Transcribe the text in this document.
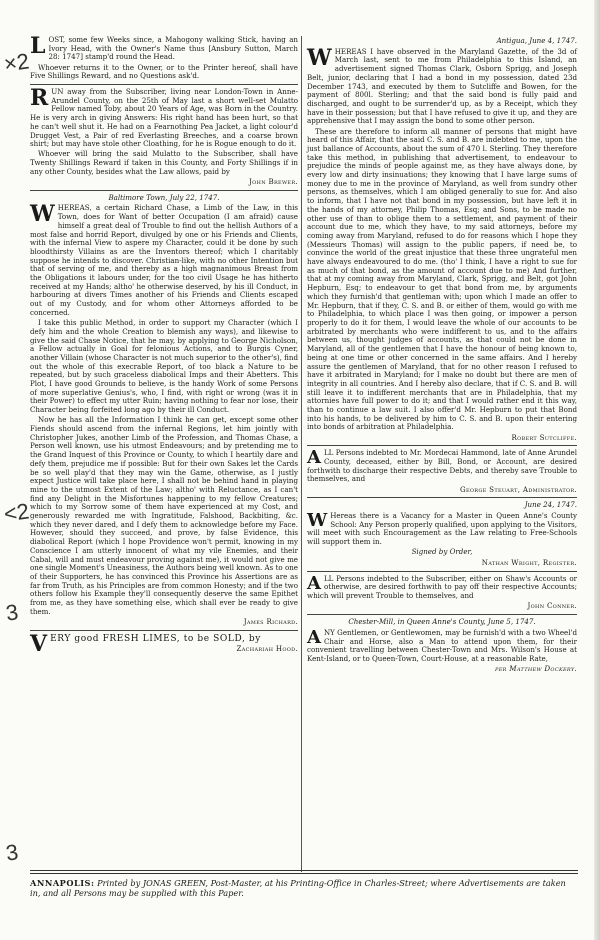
×2
<2
3
3
L OST, some few Weeks since, a Mahogony walking Stick, having an Ivory Head, with the Owner's Name thus [Ansbury Sutton, March 28: 1747] stamp'd round the Head.

Whoever returns it to the Owner, or to the Printer hereof, shall have Five Shillings Reward, and no Questions ask'd.

R UN away from the Subscriber, living near London-Town in Anne-Arundel County, on the 25th of May last a short well-set Mulatto Fellow named Toby, about 20 Years of Age, was Born in the Country. He is very arch in giving Answers: His right hand has been hurt, so that he can't well shut it. He had on a Fearnothing Pea Jacket, a light colour'd Drugget Vest, a Pair of red Everlasting Breeches, and a coarse brown shirt; but may have stole other Cloathing, for he is Rogue enough to do it.

Whoever will bring the said Mulatto to the Subscriber, shall have Twenty Shillings Reward if taken in this County, and Forty Shillings if in any other County, besides what the Law allows, paid by

John Brewer.
Baltimore Town, July 22, 1747.
W HEREAS, a certain Richard Chase, a Limb of the Law, in this Town, does for Want of better Occupation (I am afraid) cause himself a great deal of Trouble to find out the hellish Authors of a most false and horrid Report, divulged by one or his Friends and Clients, with the infernal View to aspere my Character, could it be done by such bloodthirsty Villains as are the Inventors thereof; which I charitably suppose he intends to discover. Christian-like, with no other Intention but that of serving of me, and thereby as a high magnanimous Breast from the Obligations it labours under, for the too civil Usage he has hitherto received at my Hands; altho' he otherwise deserved, by his ill Conduct, in harbouring at divers Times another of his Friends and Clients escaped out of my Custody, and for whom other Attorneys afforded to be concerned.

I take this public Method, in order to support my Character (which I defy him and the whole Creation to blemish any ways), and likewise to give the said Chase Notice, that he may, by applying to George Nicholson, a Fellow actually in Goal for felonious Actions, and to Burgis Cyner, another Villain (whose Character is not much superior to the other's), find out the whole of this execrable Report, of too black a Nature to be repeated, but by such graceless diabolical Imps and their Abetters. This Plot, I have good Grounds to believe, is the handy Work of some Persons of more superlative Genius's, who, I find, with right or wrong (was it in their Power) to effect my utter Ruin; having nothing to fear nor lose, their Character being forfeited long ago by their ill Conduct.

Now he has all the Information I think he can get, except some other Fiends should ascend from the infernal Regions, let him jointly with Christopher Jukes, another Limb of the Profession, and Thomas Chase, a Person well known, use his utmost Endeavours; and by pretending me to the Grand Inquest of this Province or County, to which I heartily dare and defy them, prejudice me if possible: But for their own Sakes let the Cards be so well play'd that they may win the Game, otherwise, as I justly expect Justice will take place here, I shall not be behind hand in playing mine to the utmost Extent of the Law; altho' with Reluctance, as I can't find any Delight in the Misfortunes happening to my fellow Creatures; which to my Sorrow some of them have experienced at my Cost, and generously rewarded me with Ingratitude, Falshood, Backbiting, &c. which they never dared, and I defy them to acknowledge before my Face. However, should they succeed, and prove, by false Evidence, this diabolical Report (which I hope Providence won't permit, knowing in my Conscience I am utterly innocent of what my vile Enemies, and their Cabal, will and must endeavour proving against me), it would not give me one single Moment's Uneasiness, the Authors being well known. As to one of their Supporters, he has convinced this Province his Assertions are as far from Truth, as his Principles are from common Honesty; and if the two others follow his Example they'll consequently deserve the same Epithet from me, as they have something else, which shall ever be ready to give them.

James Richard.
V ERY good FRESH LIMES, to be SOLD, by

Zachariah Hood.
Antigua, June 4, 1747.
W HEREAS I have observed in the Maryland Gazette, of the 3d of March last, sent to me from Philadelphia to this Island, an advertisement signed Thomas Clark, Osborn Sprigg, and Joseph Belt, junior, declaring that I had a bond in my possession, dated 23d December 1743, and executed by them to Sutcliffe and Bowen, for the payment of 800l. Sterling; and that the said bond is fully paid and discharged, and ought to be surrender'd up, as by a Receipt, which they have in their possession; but that I have refused to give it up, and they are apprehensive that I may assign the bond to some other person.

These are therefore to inform all manner of persons that might have heard of this Affair, that the said C. S. and B. are indebted to me, upon the just ballance of Accounts, about the sum of 470 l. Sterling. They therefore take this method, in publishing that advertisement, to endeavour to prejudice the minds of people against me, as they have always done, by every low and dirty insinuations; they knowing that I have large sums of money due to me in the province of Maryland, as well from sundry other persons, as themselves, which I am obliged generally to sue for. And also to inform, that I have not that bond in my possession, but have left it in the hands of my attorney, Philip Thomas, Esq; and Sons, to be made no other use of than to oblige them to a settlement, and payment of their account due to me, which they have, to my said attorneys, before my coming away from Maryland, refused to do for reasons which I hope they (Messieurs Thomas) will assign to the public papers, if need be, to convince the world of the great injustice that these three ungrateful men have always endeavoured to do me. (tho' I think, I have a right to sue for as much of that bond, as the amount of account due to me) And further, that at my coming away from Maryland, Clark, Sprigg, and Belt, got John Hepburn, Esq; to endeavour to get that bond from me, by arguments which they furnish'd that gentleman with; upon which I made an offer to Mr. Hepburn, that if they, C. S. and B. or either of them, would go with me to Philadelphia, to which place I was then going, or impower a person properly to do it for them, I would leave the whole of our accounts to be arbitrated by merchants who were indifferent to us, and to the affairs between us, thought judges of accounts, as that could not be done in Maryland, all of the gentlemen that I have the honour of being known to, being at one time or other concerned in the same affairs. And I hereby assure the gentlemen of Maryland, that for no other reason I refused to have it arbitrated in Maryland; for I make no doubt but there are men of integrity in all countries. And I hereby also declare, that if C. S. and B. will still leave it to indifferent merchants that are in Philadelphia, that my attornies have full power to do it; and that I would rather end it this way, than to continue a law suit. I also offer'd Mr. Hepburn to put that Bond into his hands, to be delivered by him to C. S. and B. upon their entering into bonds of arbitration at Philadelphia.

Robert Sutcliffe.
A LL Persons indebted to Mr. Mordecai Hammond, late of Anne Arundel County, deceased, either by Bill, Bond, or Account, are desired forthwith to discharge their respective Debts, and thereby save Trouble to themselves, and

George Steuart, Administrator.
June 24, 1747.
W Hereas there is a Vacancy for a Master in Queen Anne's County School: Any Person properly qualified, upon applying to the Visitors, will meet with such Encouragement as the Law relating to Free-Schools will support them in.

Signed by Order,
Nathan Wright, Register.
A LL Persons indebted to the Subscriber, either on Shaw's Accounts or otherwise, are desired forthwith to pay off their respective Accounts; which will prevent Trouble to themselves, and

John Conner.
Chester-Mill, in Queen Anne's County, June 5, 1747.
A NY Gentlemen, or Gentlewomen, may be furnish'd with a two Wheel'd Chair and Horse, also a Man to attend upon them, for their convenient travelling between Chester-Town and Mrs. Wilson's House at Kent-Island, or to Queen-Town, Court-House, at a reasonable Rate,

per Matthew Dockery.
ANNAPOLIS: Printed by JONAS GREEN, Post-Master, at his Printing-Office in Charles-Street; where Advertisements are taken in, and all Persons may be supplied with this Paper.
